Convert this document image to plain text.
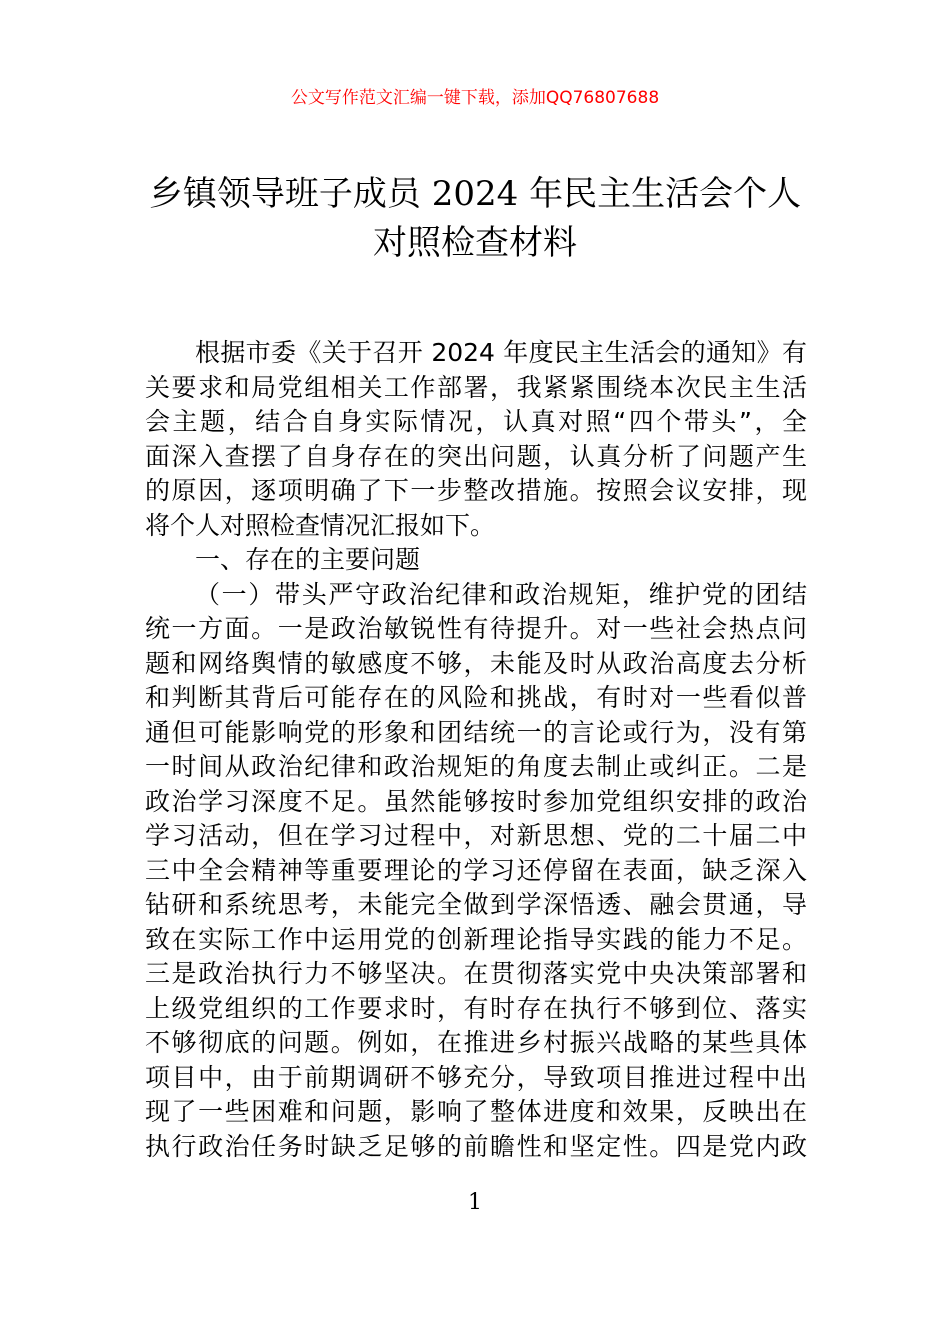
公文写作范文汇编一键下载，添加QQ76807688
乡镇领导班子成员 2024 年民主生活会个人
对照检查材料
根据市委《关于召开 2024 年度民主生活会的通知》有
关要求和局党组相关工作部署，我紧紧围绕本次民主生活
会主题，结合自身实际情况，认真对照“四个带头”，全
面深入查摆了自身存在的突出问题，认真分析了问题产生
的原因，逐项明确了下一步整改措施。按照会议安排，现
将个人对照检查情况汇报如下。
一、存在的主要问题
（一）带头严守政治纪律和政治规矩，维护党的团结
统一方面。一是政治敏锐性有待提升。对一些社会热点问
题和网络舆情的敏感度不够，未能及时从政治高度去分析
和判断其背后可能存在的风险和挑战，有时对一些看似普
通但可能影响党的形象和团结统一的言论或行为，没有第
一时间从政治纪律和政治规矩的角度去制止或纠正。二是
政治学习深度不足。虽然能够按时参加党组织安排的政治
学习活动，但在学习过程中，对新思想、党的二十届二中
三中全会精神等重要理论的学习还停留在表面，缺乏深入
钻研和系统思考，未能完全做到学深悟透、融会贯通，导
致在实际工作中运用党的创新理论指导实践的能力不足。
三是政治执行力不够坚决。在贯彻落实党中央决策部署和
上级党组织的工作要求时，有时存在执行不够到位、落实
不够彻底的问题。例如，在推进乡村振兴战略的某些具体
项目中，由于前期调研不够充分，导致项目推进过程中出
现了一些困难和问题，影响了整体进度和效果，反映出在
执行政治任务时缺乏足够的前瞻性和坚定性。四是党内政
1
